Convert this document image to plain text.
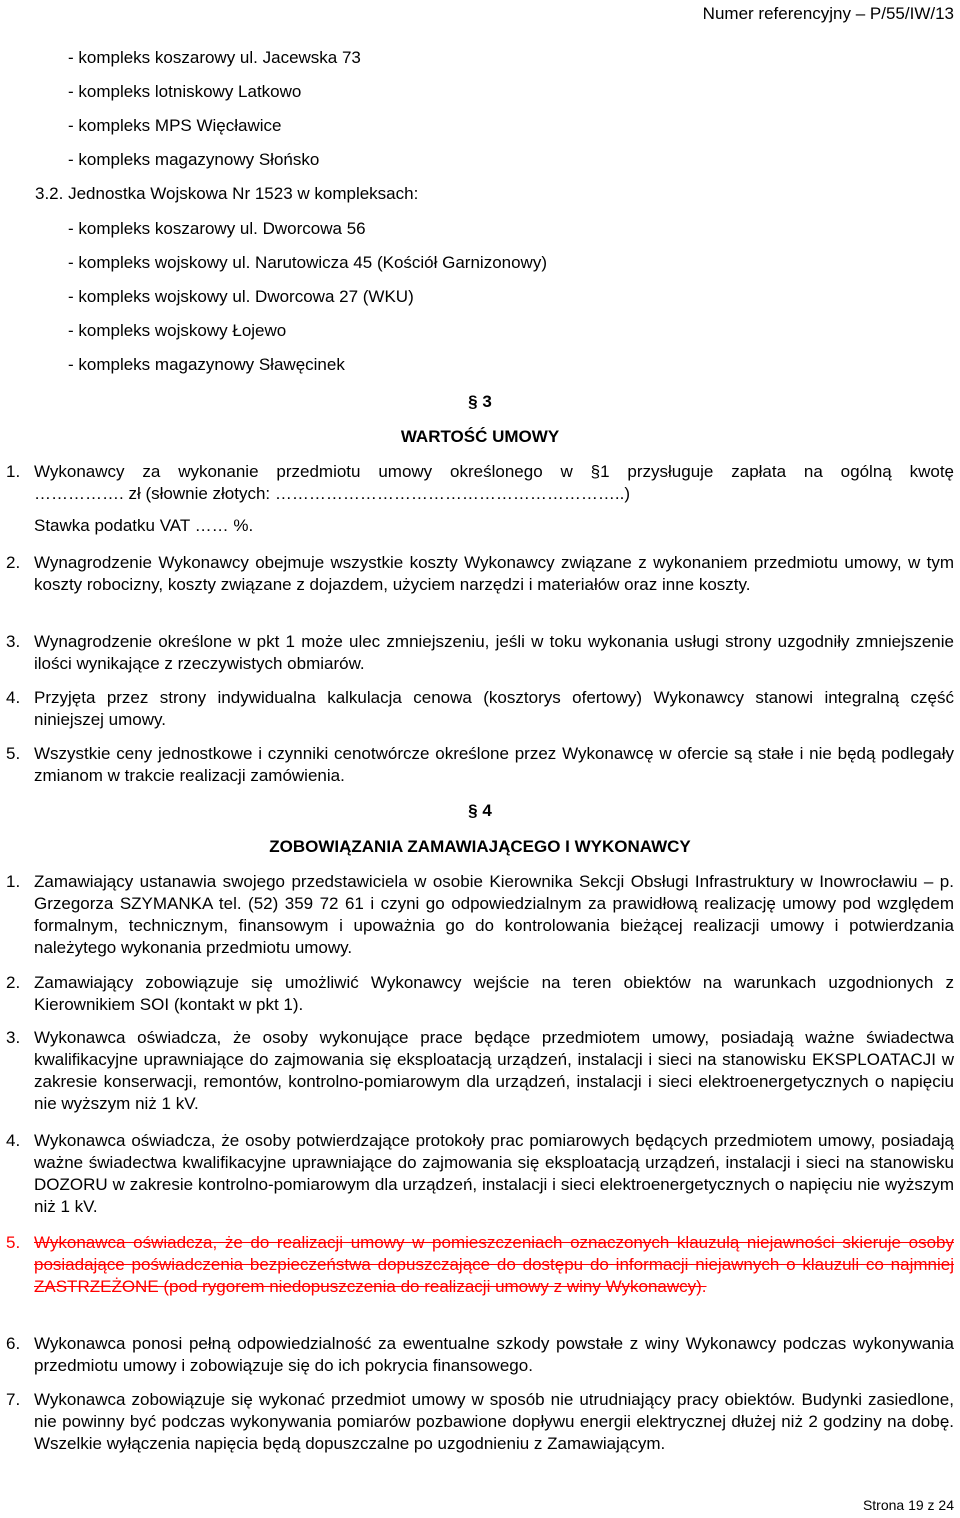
Numer referencyjny – P/55/IW/13
- kompleks koszarowy ul. Jacewska 73
- kompleks lotniskowy Latkowo
- kompleks MPS Więcławice
- kompleks magazynowy Słońsko
3.2. Jednostka Wojskowa Nr 1523 w kompleksach:
- kompleks koszarowy ul. Dworcowa 56
- kompleks wojskowy ul. Narutowicza 45 (Kościół Garnizonowy)
- kompleks wojskowy ul. Dworcowa 27 (WKU)
- kompleks wojskowy Łojewo
- kompleks magazynowy Sławęcinek
§ 3
WARTOŚĆ UMOWY
1. Wykonawcy za wykonanie przedmiotu umowy określonego w §1 przysługuje zapłata na ogólną kwotę
……………. zł (słownie złotych: ……………………………………………………..)
Stawka podatku VAT …… %.
2. Wynagrodzenie Wykonawcy obejmuje wszystkie koszty Wykonawcy związane z wykonaniem przedmiotu umowy, w tym koszty robocizny, koszty związane z dojazdem, użyciem narzędzi i materiałów oraz inne koszty.
3. Wynagrodzenie określone w pkt 1 może ulec zmniejszeniu, jeśli w toku wykonania usługi strony uzgodniły zmniejszenie ilości wynikające z rzeczywistych obmiarów.
4. Przyjęta przez strony indywidualna kalkulacja cenowa (kosztorys ofertowy) Wykonawcy stanowi integralną część niniejszej umowy.
5. Wszystkie ceny jednostkowe i czynniki cenotwórcze określone przez Wykonawcę w ofercie są stałe i nie będą podlegały zmianom w trakcie realizacji zamówienia.
§ 4
ZOBOWIĄZANIA ZAMAWIAJĄCEGO I WYKONAWCY
1. Zamawiający ustanawia swojego przedstawiciela w osobie Kierownika Sekcji Obsługi Infrastruktury w Inowrocławiu – p. Grzegorza SZYMANKA tel. (52) 359 72 61 i czyni go odpowiedzialnym za prawidłową realizację umowy pod względem formalnym, technicznym, finansowym i upoważnia go do kontrolowania bieżącej realizacji umowy i potwierdzania należytego wykonania przedmiotu umowy.
2. Zamawiający zobowiązuje się umożliwić Wykonawcy wejście na teren obiektów na warunkach uzgodnionych z Kierownikiem SOI (kontakt w pkt 1).
3. Wykonawca oświadcza, że osoby wykonujące prace będące przedmiotem umowy, posiadają ważne świadectwa kwalifikacyjne uprawniające do zajmowania się eksploatacją urządzeń, instalacji i sieci na stanowisku EKSPLOATACJI w zakresie konserwacji, remontów, kontrolno-pomiarowym dla urządzeń, instalacji i sieci elektroenergetycznych o napięciu nie wyższym niż 1 kV.
4. Wykonawca oświadcza, że osoby potwierdzające protokoły prac pomiarowych będących przedmiotem umowy, posiadają ważne świadectwa kwalifikacyjne uprawniające do zajmowania się eksploatacją urządzeń, instalacji i sieci na stanowisku DOZORU w zakresie kontrolno-pomiarowym dla urządzeń, instalacji i sieci elektroenergetycznych o napięciu nie wyższym niż 1 kV.
5. Wykonawca oświadcza, że do realizacji umowy w pomieszczeniach oznaczonych klauzulą niejawności skieruje osoby posiadające poświadczenia bezpieczeństwa dopuszczające do dostępu do informacji niejawnych o klauzuli co najmniej ZASTRZEŻONE (pod rygorem niedopuszczenia do realizacji umowy z winy Wykonawcy).
6. Wykonawca ponosi pełną odpowiedzialność za ewentualne szkody powstałe z winy Wykonawcy podczas wykonywania przedmiotu umowy i zobowiązuje się do ich pokrycia finansowego.
7. Wykonawca zobowiązuje się wykonać przedmiot umowy w sposób nie utrudniający pracy obiektów. Budynki zasiedlone, nie powinny być podczas wykonywania pomiarów pozbawione dopływu energii elektrycznej dłużej niż 2 godziny na dobę. Wszelkie wyłączenia napięcia będą dopuszczalne po uzgodnieniu z Zamawiającym.
Strona 19 z 24
